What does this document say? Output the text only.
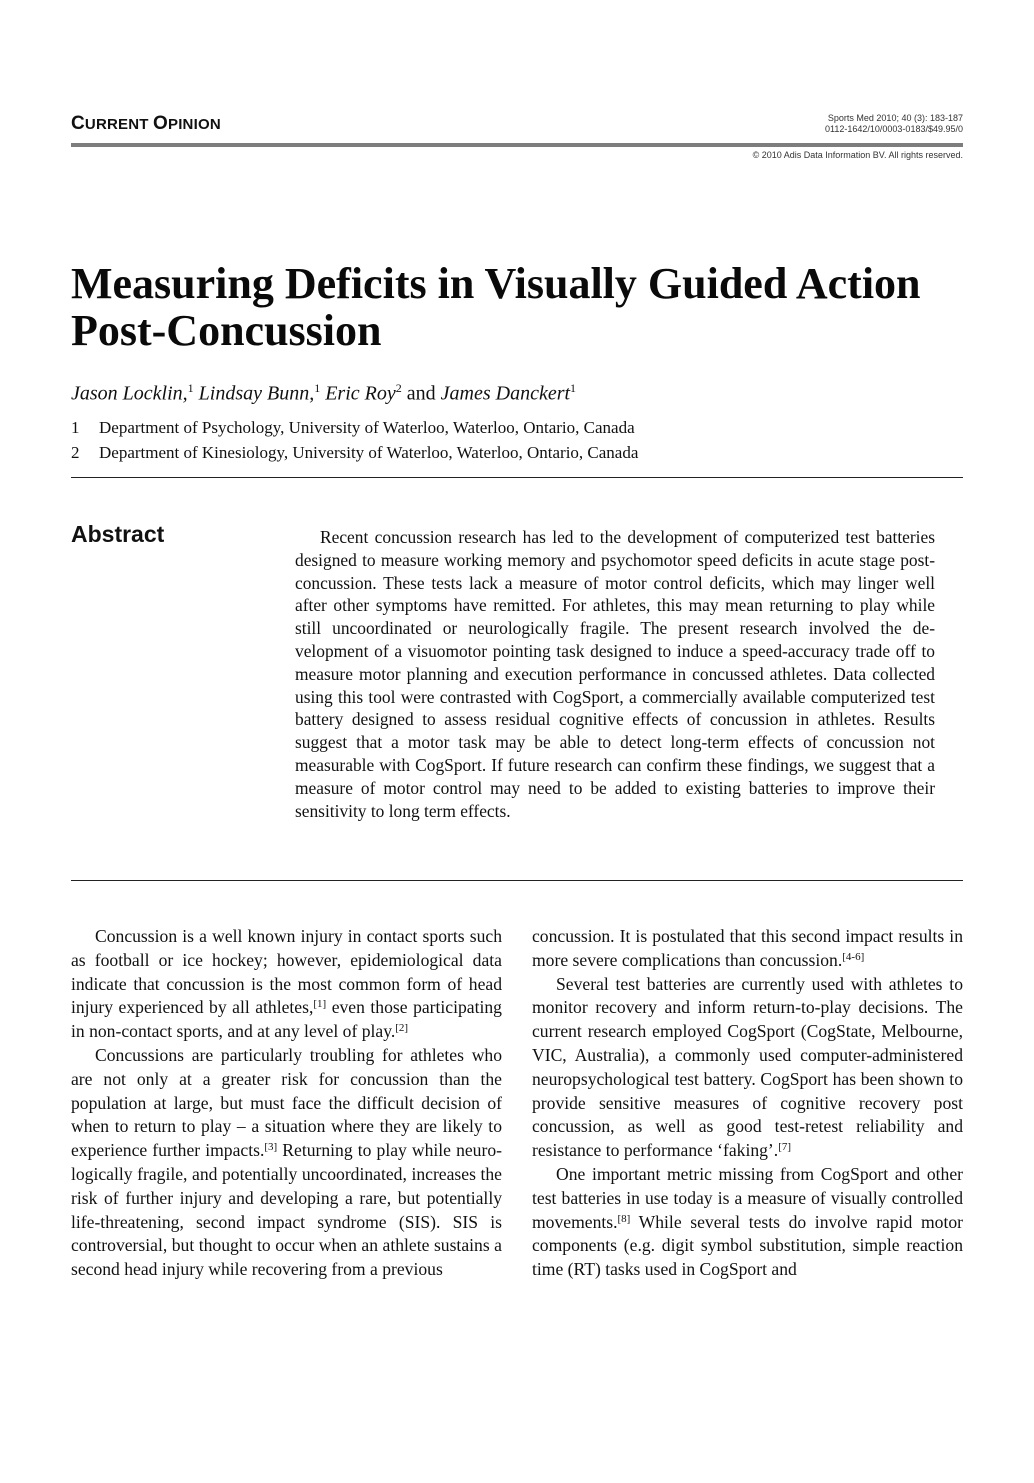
CURRENT OPINION	Sports Med 2010; 40 (3): 183-187
0112-1642/10/0003-0183/$49.95/0
© 2010 Adis Data Information BV. All rights reserved.
Measuring Deficits in Visually Guided Action Post-Concussion
Jason Locklin,$^1$ Lindsay Bunn,$^1$ Eric Roy$^2$ and James Danckert$^1$
1 Department of Psychology, University of Waterloo, Waterloo, Ontario, Canada
2 Department of Kinesiology, University of Waterloo, Waterloo, Ontario, Canada
Abstract	Recent concussion research has led to the development of computerized test batteries designed to measure working memory and psychomotor speed deficits in acute stage post-concussion. These tests lack a measure of motor control deficits, which may linger well after other symptoms have remitted. For athletes, this may mean returning to play while still uncoordinated or neurologically fragile. The present research involved the development of a visuomotor pointing task designed to induce a speed-accuracy trade off to measure motor planning and execution performance in concussed athletes. Data collected using this tool were contrasted with CogSport, a commercially available computerized test battery designed to assess residual cognitive effects of concussion in athletes. Results suggest that a motor task may be able to detect long-term effects of concussion not measurable with CogSport. If future research can confirm these findings, we suggest that a measure of motor control may need to be added to existing batteries to improve their sensitivity to long term effects.

Concussion is a well known injury in contact sports such as football or ice hockey; however, epidemiological data indicate that concussion is the most common form of head injury experienced by all athletes,[1] even those participating in non-contact sports, and at any level of play.[2]

Concussions are particularly troubling for athletes who are not only at a greater risk for concussion than the population at large, but must face the difficult decision of when to return to play – a situation where they are likely to experience further impacts.[3] Returning to play while neurologically fragile, and potentially uncoordinated, increases the risk of further injury and developing a rare, but potentially life-threatening, second impact syndrome (SIS). SIS is controversial, but thought to occur when an athlete sustains a second head injury while recovering from a previous

concussion. It is postulated that this second impact results in more severe complications than concussion.[4-6]

Several test batteries are currently used with athletes to monitor recovery and inform return-to-play decisions. The current research employed CogSport (CogState, Melbourne, VIC, Australia), a commonly used computer-administered neuropsychological test battery. CogSport has been shown to provide sensitive measures of cognitive recovery post concussion, as well as good test-retest reliability and resistance to performance ‘faking’.[7]

One important metric missing from CogSport and other test batteries in use today is a measure of visually controlled movements.[8] While several tests do involve rapid motor components (e.g. digit symbol substitution, simple reaction time (RT) tasks used in CogSport and
